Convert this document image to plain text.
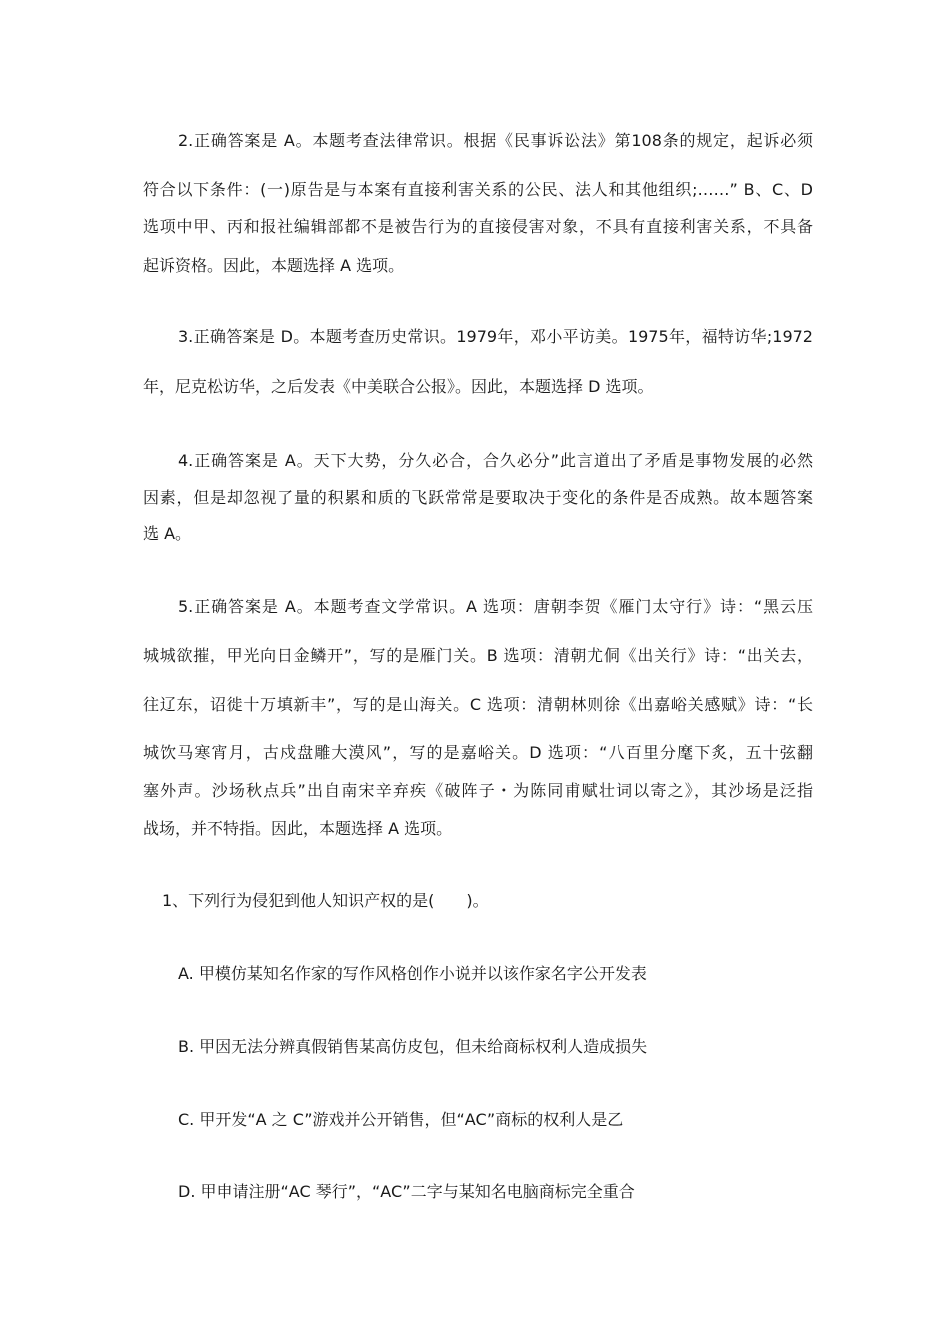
2.正确答案是 A。本题考查法律常识。根据《民事诉讼法》第108条的规定，起诉必须
符合以下条件：(一)原告是与本案有直接利害关系的公民、法人和其他组织;……” B、C、D
选项中甲、丙和报社编辑部都不是被告行为的直接侵害对象，不具有直接利害关系，不具备
起诉资格。因此，本题选择 A 选项。
3.正确答案是 D。本题考查历史常识。1979年，邓小平访美。1975年，福特访华;1972
年，尼克松访华，之后发表《中美联合公报》。因此，本题选择 D 选项。
4.正确答案是 A。天下大势，分久必合，合久必分”此言道出了矛盾是事物发展的必然
因素，但是却忽视了量的积累和质的飞跃常常是要取决于变化的条件是否成熟。故本题答案
选 A。
5.正确答案是 A。本题考查文学常识。A 选项：唐朝李贺《雁门太守行》诗：“黑云压
城城欲摧，甲光向日金鳞开”，写的是雁门关。B 选项：清朝尤侗《出关行》诗：“出关去，
往辽东，诏徙十万填新丰”，写的是山海关。C 选项：清朝林则徐《出嘉峪关感赋》诗：“长
城饮马寒宵月，古戍盘雕大漠风”，写的是嘉峪关。D 选项：“八百里分麾下炙，五十弦翻
塞外声。沙场秋点兵”出自南宋辛弃疾《破阵子・为陈同甫赋壮词以寄之》，其沙场是泛指
战场，并不特指。因此，本题选择 A 选项。
1、下列行为侵犯到他人知识产权的是(　　)。
A. 甲模仿某知名作家的写作风格创作小说并以该作家名字公开发表
B. 甲因无法分辨真假销售某高仿皮包，但未给商标权利人造成损失
C. 甲开发“A 之 C”游戏并公开销售，但“AC”商标的权利人是乙
D. 甲申请注册“AC 琴行”，“AC”二字与某知名电脑商标完全重合
